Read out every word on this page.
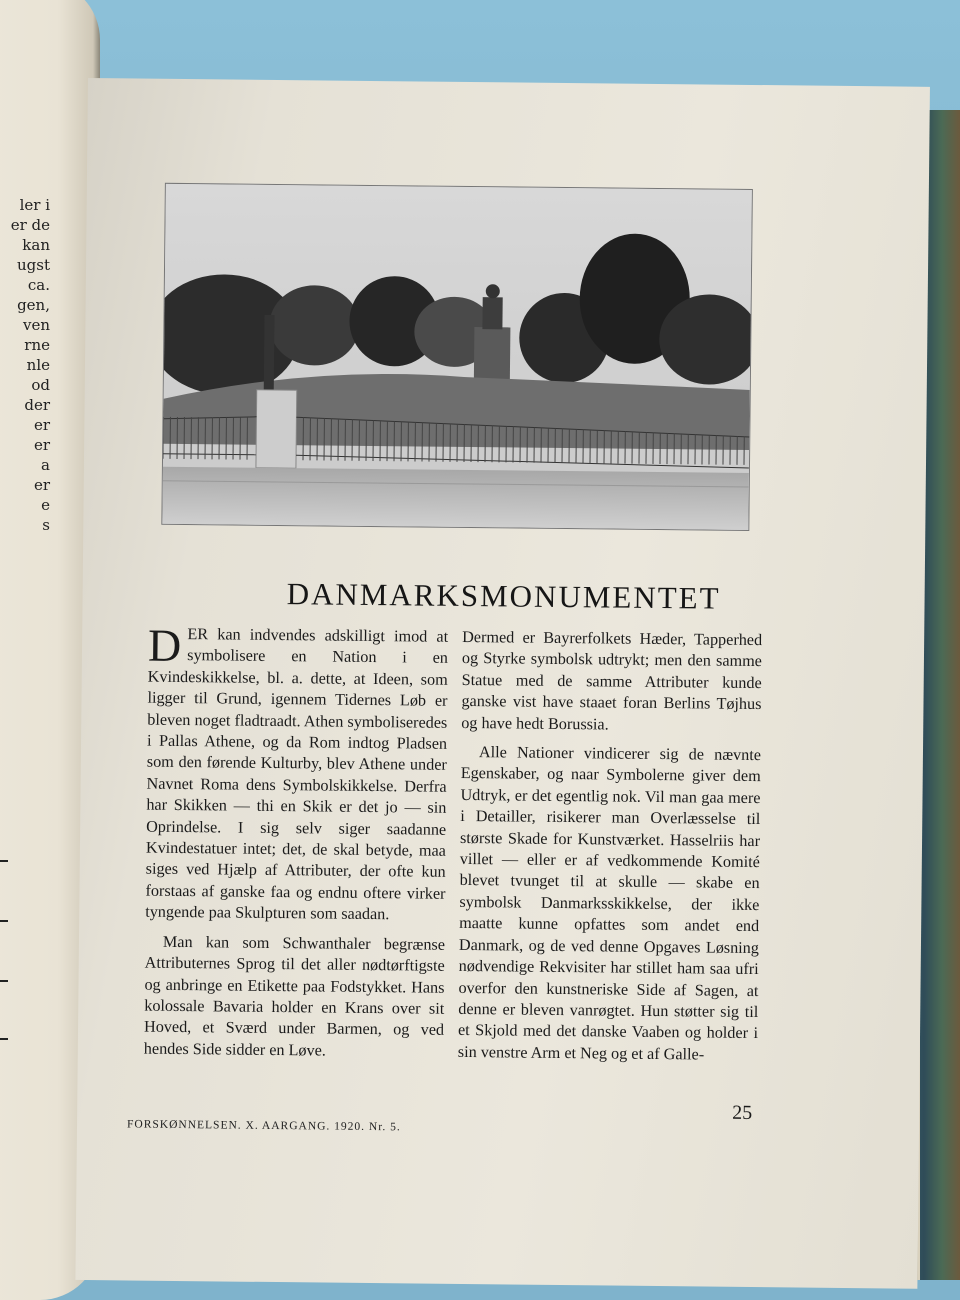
ler i
er de
kan
ugst
ca.
gen,
ven
rne
nle
od
der
er
er
a
er
e
s
DANMARKSMONUMENTET

DER kan indvendes adskilligt imod at symbolisere en Nation i en Kvindeskikkelse, bl. a. dette, at Ideen, som ligger til Grund, igennem Tidernes Løb er bleven noget fladtraadt. Athen symboliseredes i Pallas Athene, og da Rom indtog Pladsen som den førende Kulturby, blev Athene under Navnet Roma dens Symbolskikkelse. Derfra har Skikken — thi en Skik er det jo — sin Oprindelse. I sig selv siger saadanne Kvindestatuer intet; det, de skal betyde, maa siges ved Hjælp af Attributer, der ofte kun forstaas af ganske faa og endnu oftere virker tyngende paa Skulpturen som saadan.

Man kan som Schwanthaler begrænse Attributernes Sprog til det aller nødtørftigste og anbringe en Etikette paa Fodstykket. Hans kolossale Bavaria holder en Krans over sit Hoved, et Sværd under Barmen, og ved hendes Side sidder en Løve.

Dermed er Bayrerfolkets Hæder, Tapperhed og Styrke symbolsk udtrykt; men den samme Statue med de samme Attributer kunde ganske vist have staaet foran Berlins Tøjhus og have hedt Borussia.

Alle Nationer vindicerer sig de nævnte Egenskaber, og naar Symbolerne giver dem Udtryk, er det egentlig nok. Vil man gaa mere i Detailler, risikerer man Overlæsselse til største Skade for Kunstværket. Hasselriis har villet — eller er af vedkommende Komité blevet tvunget til at skulle — skabe en symbolsk Danmarksskikkelse, der ikke maatte kunne opfattes som andet end Danmark, og de ved denne Opgaves Løsning nødvendige Rekvisiter har stillet ham saa ufri overfor den kunstneriske Side af Sagen, at denne er bleven vanrøgtet. Hun støtter sig til et Skjold med det danske Vaaben og holder i sin venstre Arm et Neg og et af Galle-

FORSKØNNELSEN. X. AARGANG. 1920. Nr. 5.
25
